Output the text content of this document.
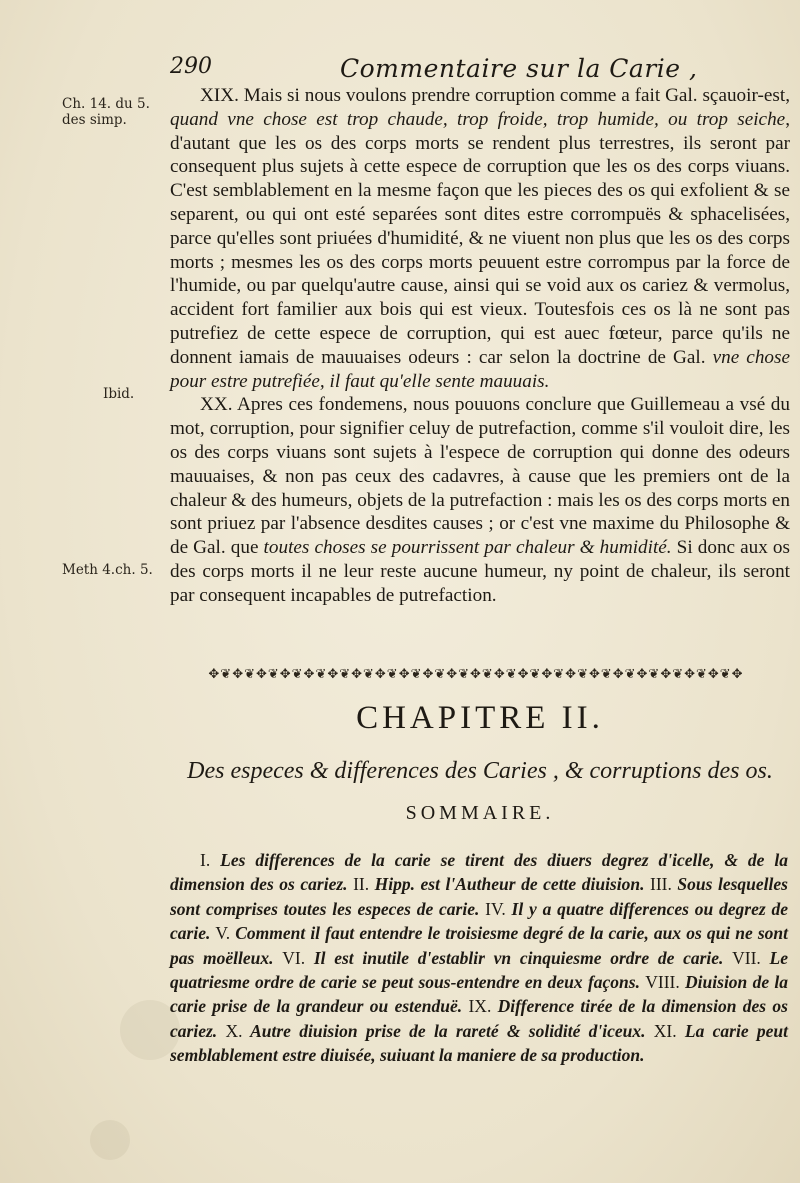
290	Commentaire sur la Carie ,
Ch. 14. du 5. des simp.
Ibid.
Meth 4.ch. 5.

XIX. Mais si nous voulons prendre corruption comme a fait Gal. sçauoir-est, quand vne chose est trop chaude, trop froide, trop humide, ou trop seiche, d'autant que les os des corps morts se rendent plus terrestres, ils seront par consequent plus sujets à cette espece de corruption que les os des corps viuans. C'est semblablement en la mesme façon que les pieces des os qui exfolient & se separent, ou qui ont esté separées sont dites estre corrompuës & sphacelisées, parce qu'elles sont priuées d'humidité, & ne viuent non plus que les os des corps morts ; mesmes les os des corps morts peuuent estre corrompus par la force de l'humide, ou par quelqu'autre cause, ainsi qui se void aux os cariez & vermolus, accident fort familier aux bois qui est vieux. Toutesfois ces os là ne sont pas putrefiez de cette espece de corruption, qui est auec fœteur, parce qu'ils ne donnent iamais de mauuaises odeurs : car selon la doctrine de Gal. vne chose pour estre putrefiée, il faut qu'elle sente mauuais.

XX. Apres ces fondemens, nous pouuons conclure que Guillemeau a vsé du mot, corruption, pour signifier celuy de putrefaction, comme s'il vouloit dire, les os des corps viuans sont sujets à l'espece de corruption qui donne des odeurs mauuaises, & non pas ceux des cadavres, à cause que les premiers ont de la chaleur & des humeurs, objets de la putrefaction : mais les os des corps morts en sont priuez par l'absence desdites causes ; or c'est vne maxime du Philosophe & de Gal. que toutes choses se pourrissent par chaleur & humidité. Si donc aux os des corps morts il ne leur reste aucune humeur, ny point de chaleur, ils seront par consequent incapables de putrefaction.

✥❦✥❦✥❦✥❦✥❦✥❦✥❦✥❦✥❦✥❦✥❦✥❦✥❦✥❦✥❦✥❦✥❦✥❦✥❦✥❦✥❦✥❦✥
CHAPITRE II.
Des especes & differences des Caries , & corruptions des os.
SOMMAIRE.
I. Les differences de la carie se tirent des diuers degrez d'icelle, & de la dimension des os cariez. II. Hipp. est l'Autheur de cette diuision. III. Sous lesquelles sont comprises toutes les especes de carie. IV. Il y a quatre differences ou degrez de carie. V. Comment il faut entendre le troisiesme degré de la carie, aux os qui ne sont pas moëlleux. VI. Il est inutile d'establir vn cinquiesme ordre de carie. VII. Le quatriesme ordre de carie se peut sous-entendre en deux façons. VIII. Diuision de la carie prise de la grandeur ou estenduë. IX. Difference tirée de la dimension des os cariez. X. Autre diuision prise de la rareté & solidité d'iceux. XI. La carie peut semblablement estre diuisée, suiuant la maniere de sa production.
